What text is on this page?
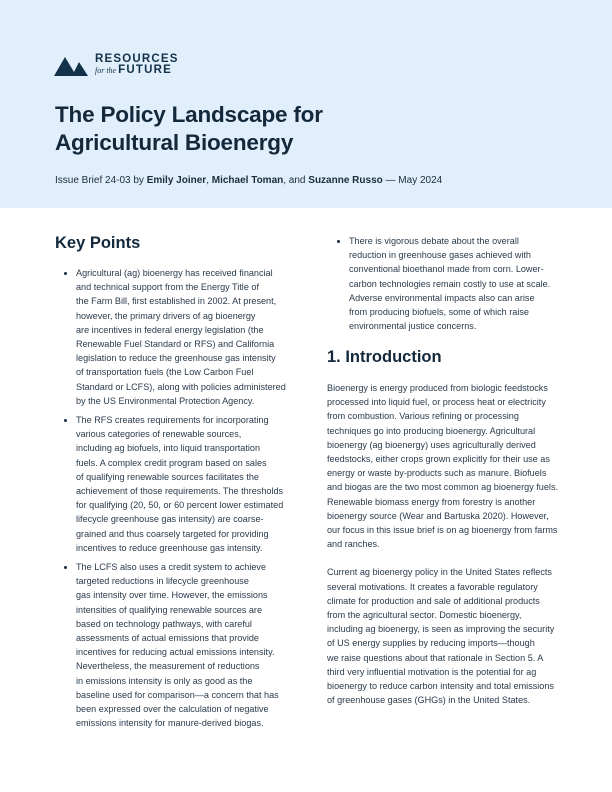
RESOURCES
for the FUTURE
The Policy Landscape for
Agricultural Bioenergy
Issue Brief 24-03 by Emily Joiner, Michael Toman, and Suzanne Russo — May 2024
Key Points
Agricultural (ag) bioenergy has received financial
and technical support from the Energy Title of
the Farm Bill, first established in 2002. At present,
however, the primary drivers of ag bioenergy
are incentives in federal energy legislation (the
Renewable Fuel Standard or RFS) and California
legislation to reduce the greenhouse gas intensity
of transportation fuels (the Low Carbon Fuel
Standard or LCFS), along with policies administered
by the US Environmental Protection Agency.
The RFS creates requirements for incorporating
various categories of renewable sources,
including ag biofuels, into liquid transportation
fuels. A complex credit program based on sales
of qualifying renewable sources facilitates the
achievement of those requirements. The thresholds
for qualifying (20, 50, or 60 percent lower estimated
lifecycle greenhouse gas intensity) are coarse-
grained and thus coarsely targeted for providing
incentives to reduce greenhouse gas intensity.
The LCFS also uses a credit system to achieve
targeted reductions in lifecycle greenhouse
gas intensity over time. However, the emissions
intensities of qualifying renewable sources are
based on technology pathways, with careful
assessments of actual emissions that provide
incentives for reducing actual emissions intensity.
Nevertheless, the measurement of reductions
in emissions intensity is only as good as the
baseline used for comparison—a concern that has
been expressed over the calculation of negative
emissions intensity for manure-derived biogas.
There is vigorous debate about the overall
reduction in greenhouse gases achieved with
conventional bioethanol made from corn. Lower-
carbon technologies remain costly to use at scale.
Adverse environmental impacts also can arise
from producing biofuels, some of which raise
environmental justice concerns.
1. Introduction
Bioenergy is energy produced from biologic feedstocks
processed into liquid fuel, or process heat or electricity
from combustion. Various refining or processing
techniques go into producing bioenergy. Agricultural
bioenergy (ag bioenergy) uses agriculturally derived
feedstocks, either crops grown explicitly for their use as
energy or waste by-products such as manure. Biofuels
and biogas are the two most common ag bioenergy fuels.
Renewable biomass energy from forestry is another
bioenergy source (Wear and Bartuska 2020). However,
our focus in this issue brief is on ag bioenergy from farms
and ranches.
Current ag bioenergy policy in the United States reflects
several motivations. It creates a favorable regulatory
climate for production and sale of additional products
from the agricultural sector. Domestic bioenergy,
including ag bioenergy, is seen as improving the security
of US energy supplies by reducing imports—though
we raise questions about that rationale in Section 5. A
third very influential motivation is the potential for ag
bioenergy to reduce carbon intensity and total emissions
of greenhouse gases (GHGs) in the United States.
